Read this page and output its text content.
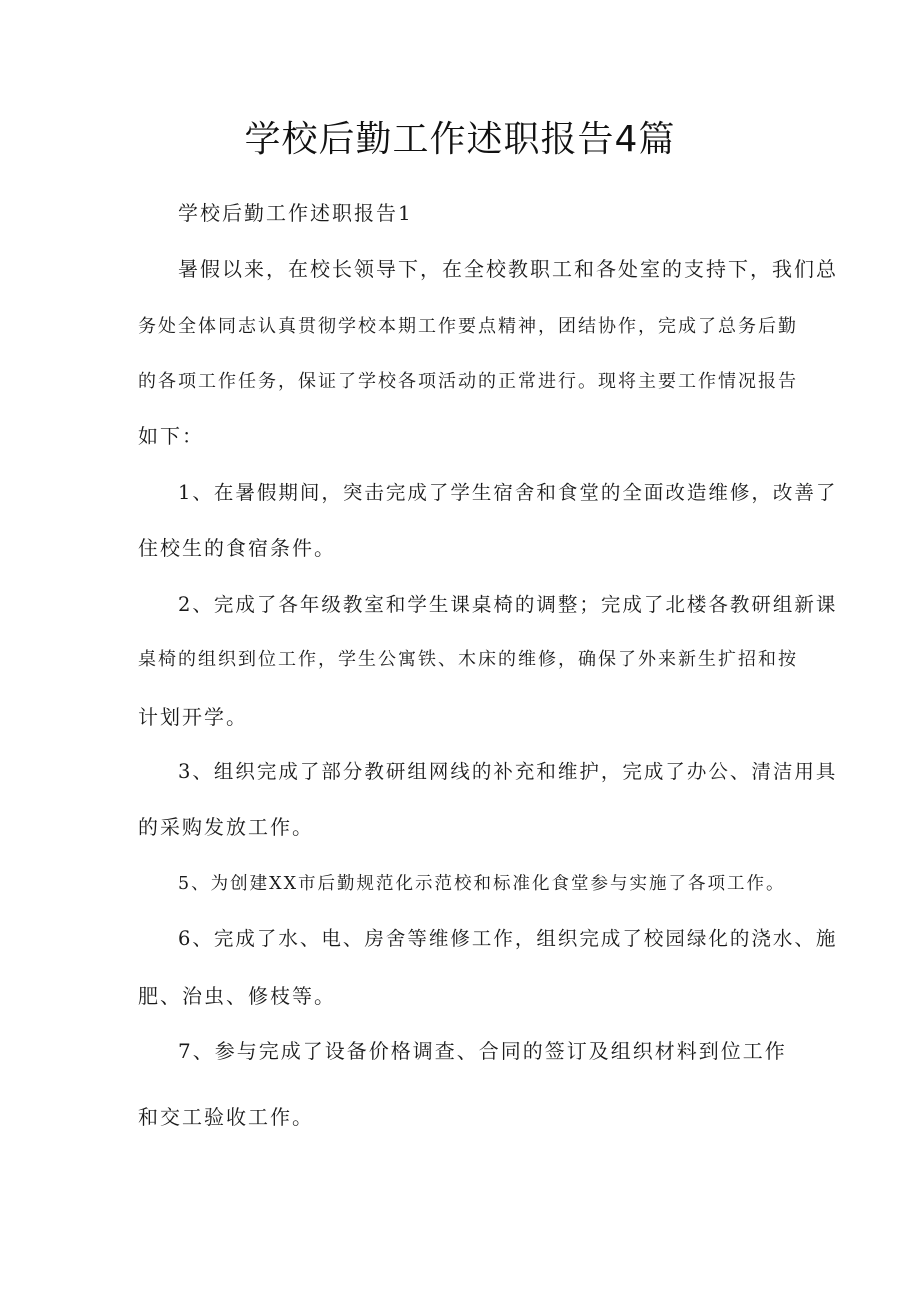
学校后勤工作述职报告4篇
学校后勤工作述职报告1
暑假以来，在校长领导下，在全校教职工和各处室的支持下，我们总
务处全体同志认真贯彻学校本期工作要点精神，团结协作，完成了总务后勤
的各项工作任务，保证了学校各项活动的正常进行。现将主要工作情况报告
如下：
1、在暑假期间，突击完成了学生宿舍和食堂的全面改造维修，改善了
住校生的食宿条件。
2、完成了各年级教室和学生课桌椅的调整；完成了北楼各教研组新课
桌椅的组织到位工作，学生公寓铁、木床的维修，确保了外来新生扩招和按
计划开学。
3、组织完成了部分教研组网线的补充和维护，完成了办公、清洁用具
的采购发放工作。
5、为创建XX市后勤规范化示范校和标准化食堂参与实施了各项工作。
6、完成了水、电、房舍等维修工作，组织完成了校园绿化的浇水、施
肥、治虫、修枝等。
7、参与完成了设备价格调查、合同的签订及组织材料到位工作
和交工验收工作。
